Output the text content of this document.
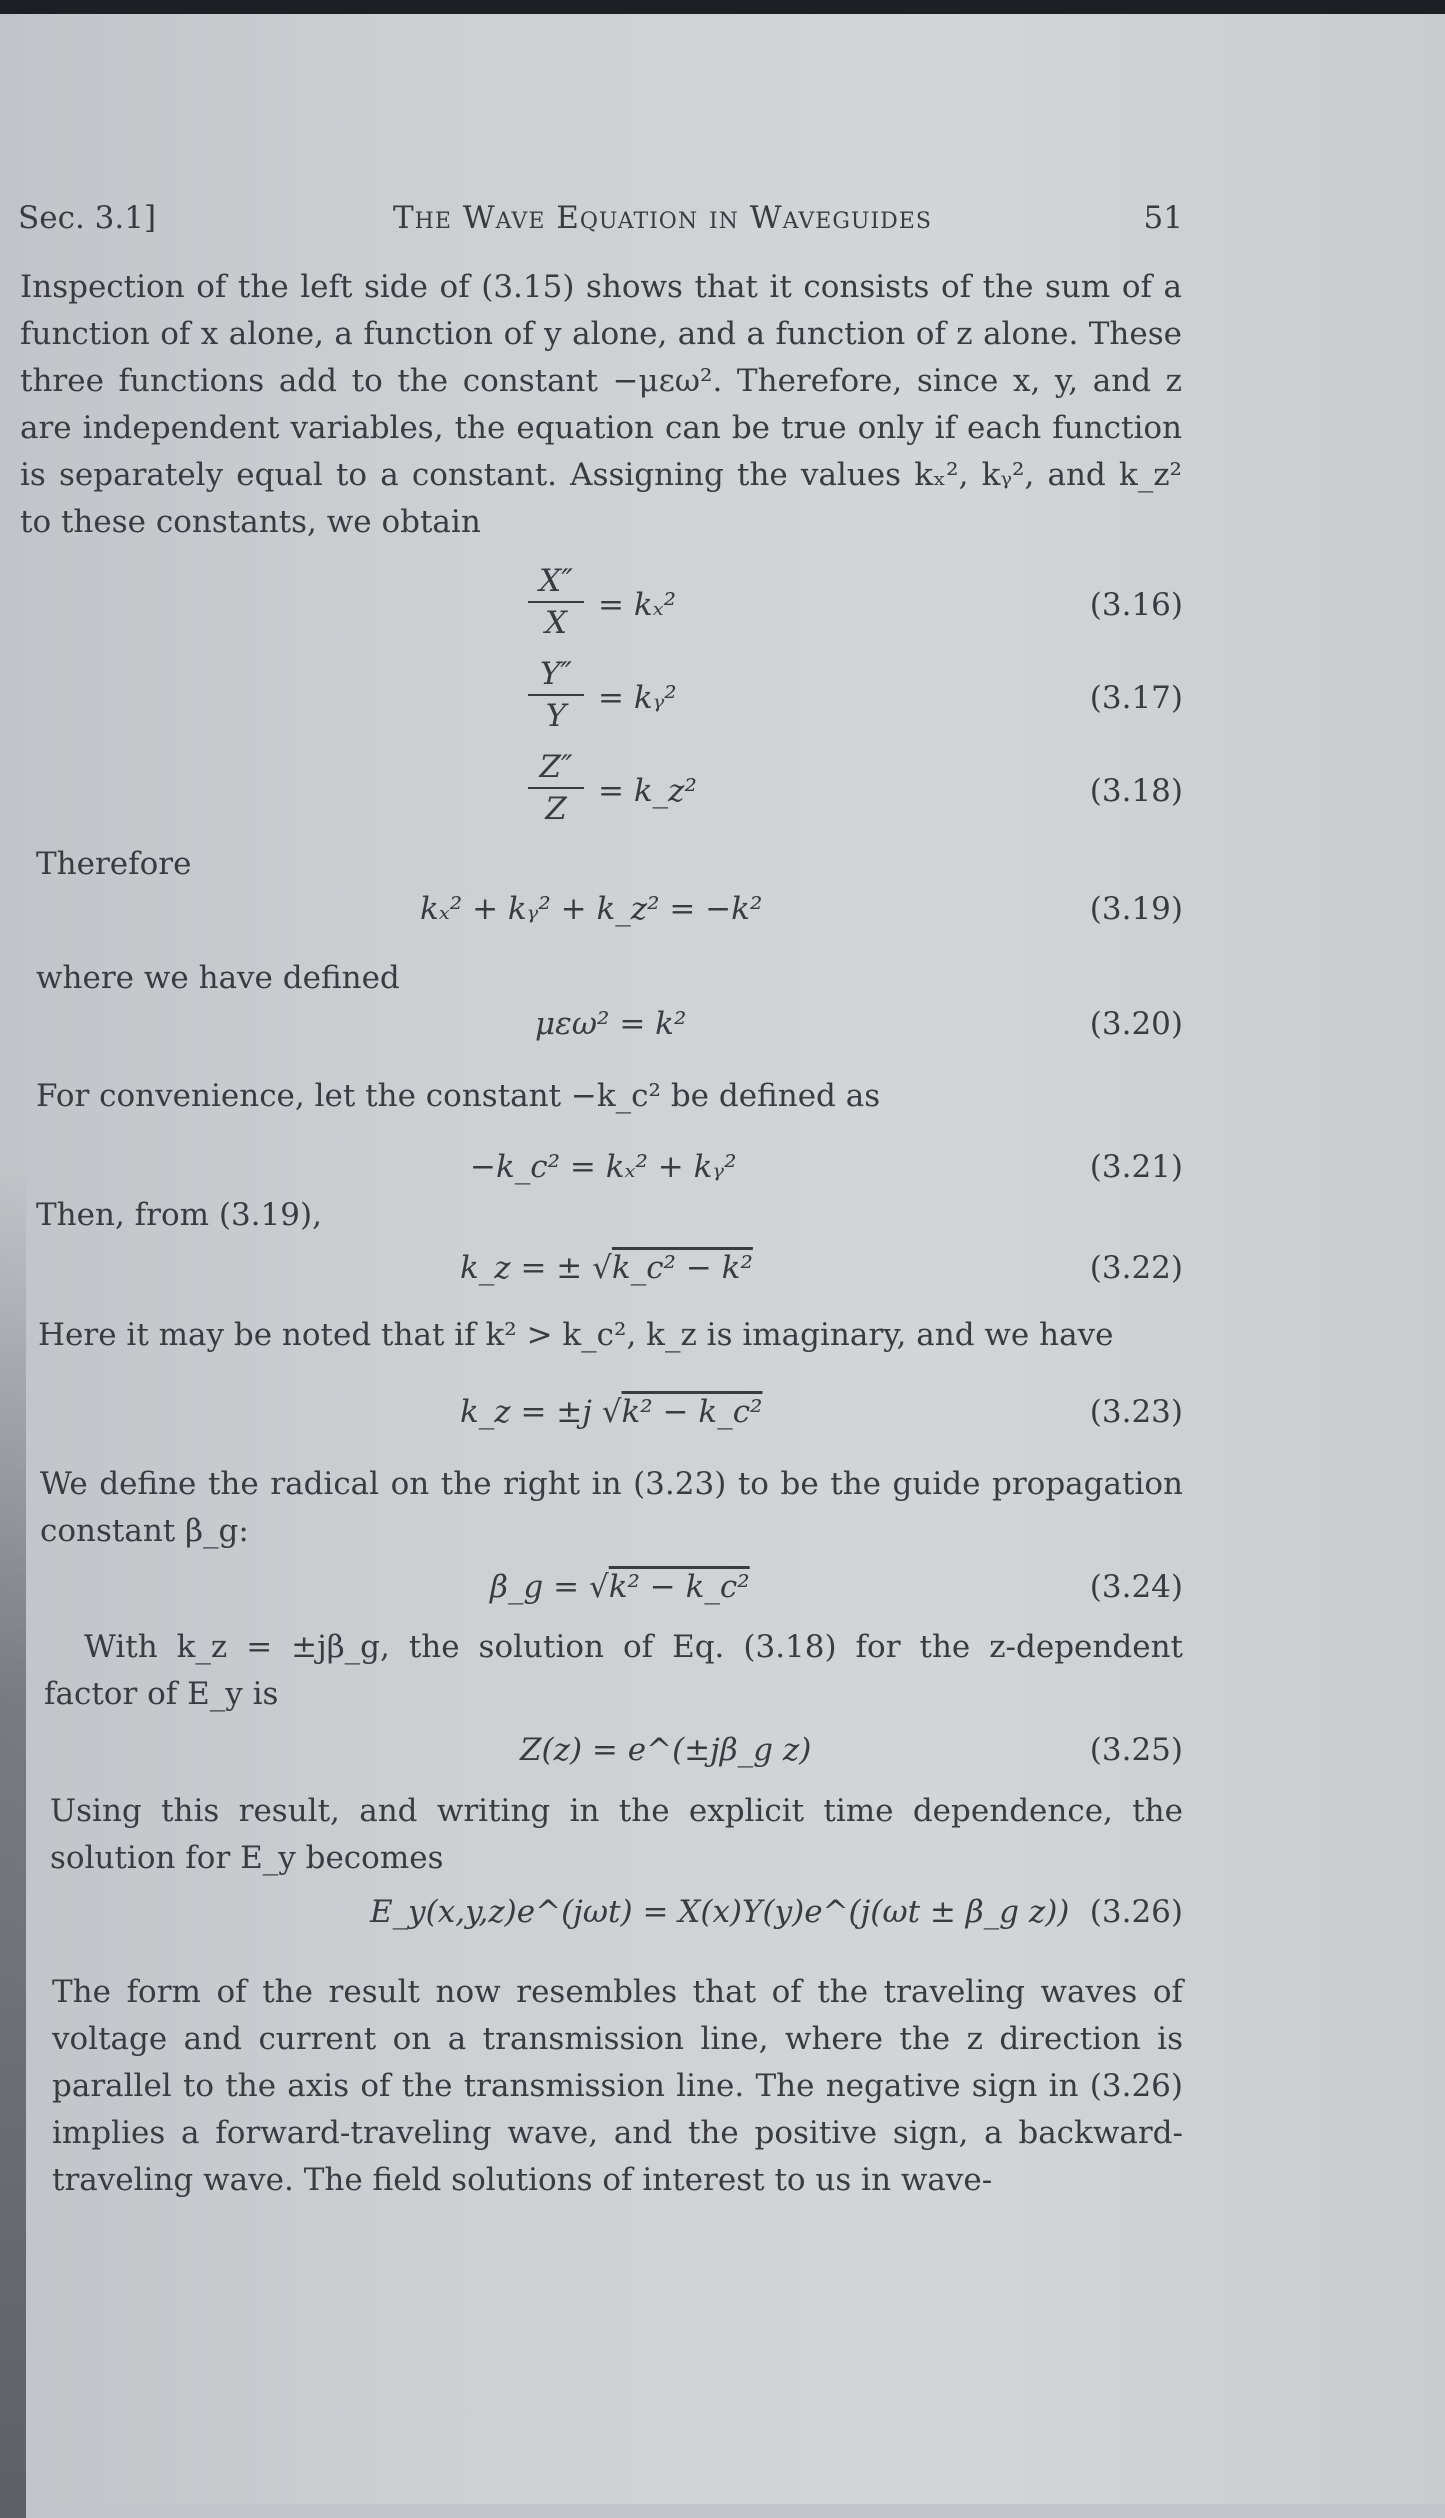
Sec. 3.1]	The Wave Equation in Waveguides	51

Inspection of the left side of (3.15) shows that it consists of the sum of a function of x alone, a function of y alone, and a function of z alone. These three functions add to the constant −μεω². Therefore, since x, y, and z are independent variables, the equation can be true only if each function is separately equal to a constant. Assigning the values kₓ², kᵧ², and k_z² to these constants, we obtain

$\frac{X''}{X} = k_x^2$	(3.16)
$\frac{Y''}{Y}$ = kᵧ²	(3.17)
$\frac{Z''}{Z}$ = k_z²	(3.18)

Therefore

kₓ² + kᵧ² + k_z² = −k²	(3.19)

where we have defined

μεω² = k²	(3.20)

For convenience, let the constant −k_c² be defined as

−k_c² = kₓ² + kᵧ²	(3.21)

Then, from (3.19),

k_z = ± √k_c² − k²	(3.22)

Here it may be noted that if k² > k_c², k_z is imaginary, and we have

k_z = ±j √k² − k_c²	(3.23)

We define the radical on the right in (3.23) to be the guide propagation constant β_g:

β_g = √k² − k_c²	(3.24)

With k_z = ±jβ_g, the solution of Eq. (3.18) for the z-dependent factor of E_y is

Z(z) = e^(±jβ_g z)	(3.25)

Using this result, and writing in the explicit time dependence, the solution for E_y becomes

E_y(x,y,z)e^(jωt) = X(x)Y(y)e^(j(ωt ± β_g z)) (3.26)

The form of the result now resembles that of the traveling waves of voltage and current on a transmission line, where the z direction is parallel to the axis of the transmission line. The negative sign in (3.26) implies a forward-traveling wave, and the positive sign, a backward-traveling wave. The field solutions of interest to us in wave-
